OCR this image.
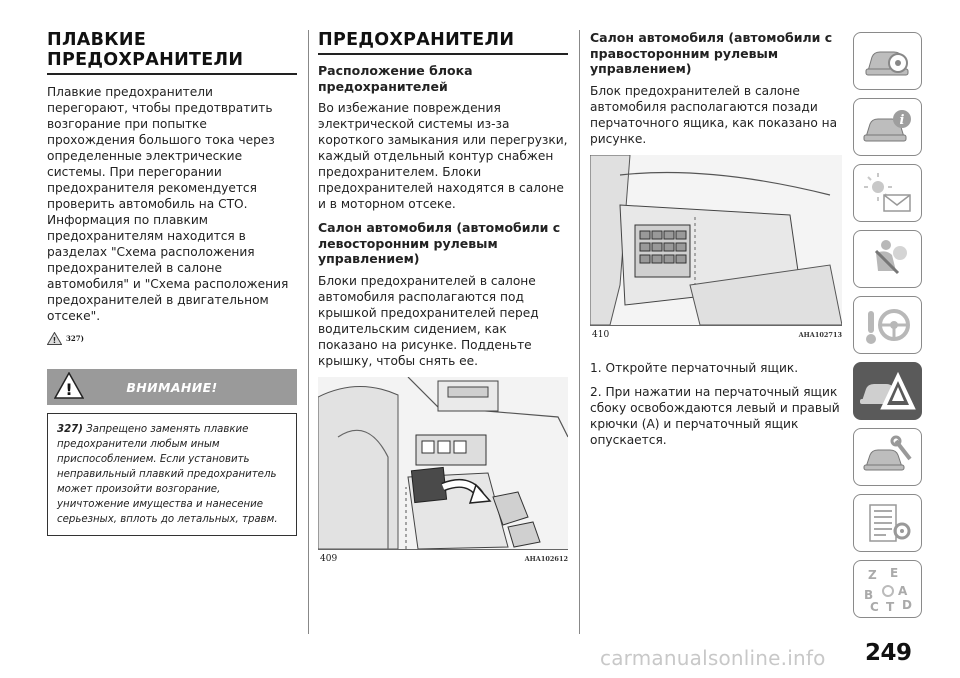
ПЛАВКИЕ
ПРЕДОХРАНИТЕЛИ

Плавкие предохранители перегорают, чтобы предотвратить возгорание при попытке прохождения большого тока через определенные электрические системы. При перегорании предохранителя рекомендуется проверить автомобиль на СТО. Информация по плавким предохранителям находится в разделах "Схема расположения предохранителей в салоне автомобиля" и "Схема расположения предохранителей в двигательном отсеке".

! 327)
!	ВНИМАНИЕ!

327) Запрещено заменять плавкие предохранители любым иным приспособлением. Если установить неправильный плавкий предохранитель может произойти возгорание, уничтожение имущества и нанесение серьезных, вплоть до летальных, травм.

ПРЕДОХРАНИТЕЛИ
Расположение блока предохранителей

Во избежание повреждения электрической системы из-за короткого замыкания или перегрузки, каждый отдельный контур снабжен предохранителем. Блоки предохранителей находятся в салоне и в моторном отсеке.

Салон автомобиля (автомобили с левосторонним рулевым управлением)

Блоки предохранителей в салоне автомобиля располагаются под крышкой предохранителей перед водительским сидением, как показано на рисунке. Подденьте крышку, чтобы снять ее.

409	AHA102612
Салон автомобиля (автомобили с правосторонним рулевым управлением)

Блок предохранителей в салоне автомобиля располагаются позади перчаточного ящика, как показано на рисунке.

410	AHA102713

1. Откройте перчаточный ящик.

2. При нажатии на перчаточный ящик сбоку освобождаются левый и правый крючки (A) и перчаточный ящик опускается.

i
Z E
A
B
C T D
carmanualsonline.info 249
